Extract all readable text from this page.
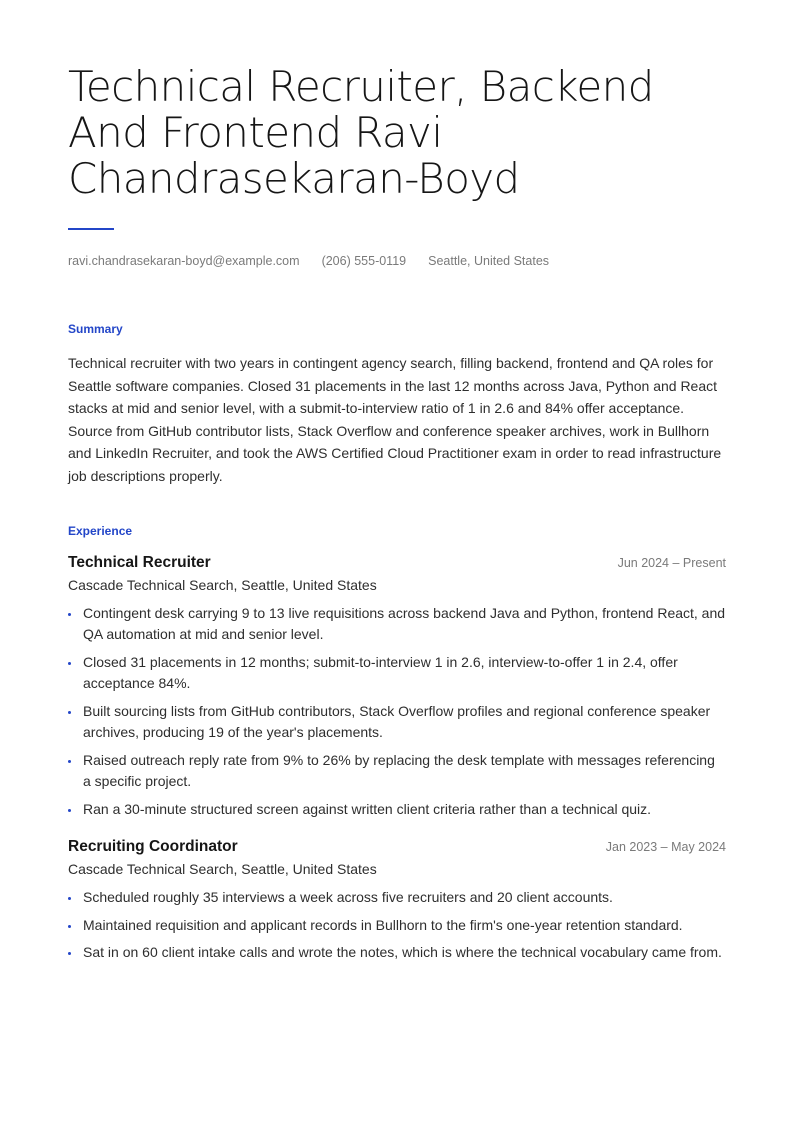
Technical Recruiter, Backend And Frontend Ravi Chandrasekaran-Boyd
ravi.chandrasekaran-boyd@example.com (206) 555-0119 Seattle, United States
Summary

Technical recruiter with two years in contingent agency search, filling backend, frontend and QA roles for Seattle software companies. Closed 31 placements in the last 12 months across Java, Python and React stacks at mid and senior level, with a submit-to-interview ratio of 1 in 2.6 and 84% offer acceptance. Source from GitHub contributor lists, Stack Overflow and conference speaker archives, work in Bullhorn and LinkedIn Recruiter, and took the AWS Certified Cloud Practitioner exam in order to read infrastructure job descriptions properly.

Experience
Technical Recruiter	Jun 2024 – Present
Cascade Technical Search, Seattle, United States
Contingent desk carrying 9 to 13 live requisitions across backend Java and Python, frontend React, and QA automation at mid and senior level.
Closed 31 placements in 12 months; submit-to-interview 1 in 2.6, interview-to-offer 1 in 2.4, offer acceptance 84%.
Built sourcing lists from GitHub contributors, Stack Overflow profiles and regional conference speaker archives, producing 19 of the year's placements.
Raised outreach reply rate from 9% to 26% by replacing the desk template with messages referencing a specific project.
Ran a 30-minute structured screen against written client criteria rather than a technical quiz.
Recruiting Coordinator	Jan 2023 – May 2024
Cascade Technical Search, Seattle, United States
Scheduled roughly 35 interviews a week across five recruiters and 20 client accounts.
Maintained requisition and applicant records in Bullhorn to the firm's one-year retention standard.
Sat in on 60 client intake calls and wrote the notes, which is where the technical vocabulary came from.
